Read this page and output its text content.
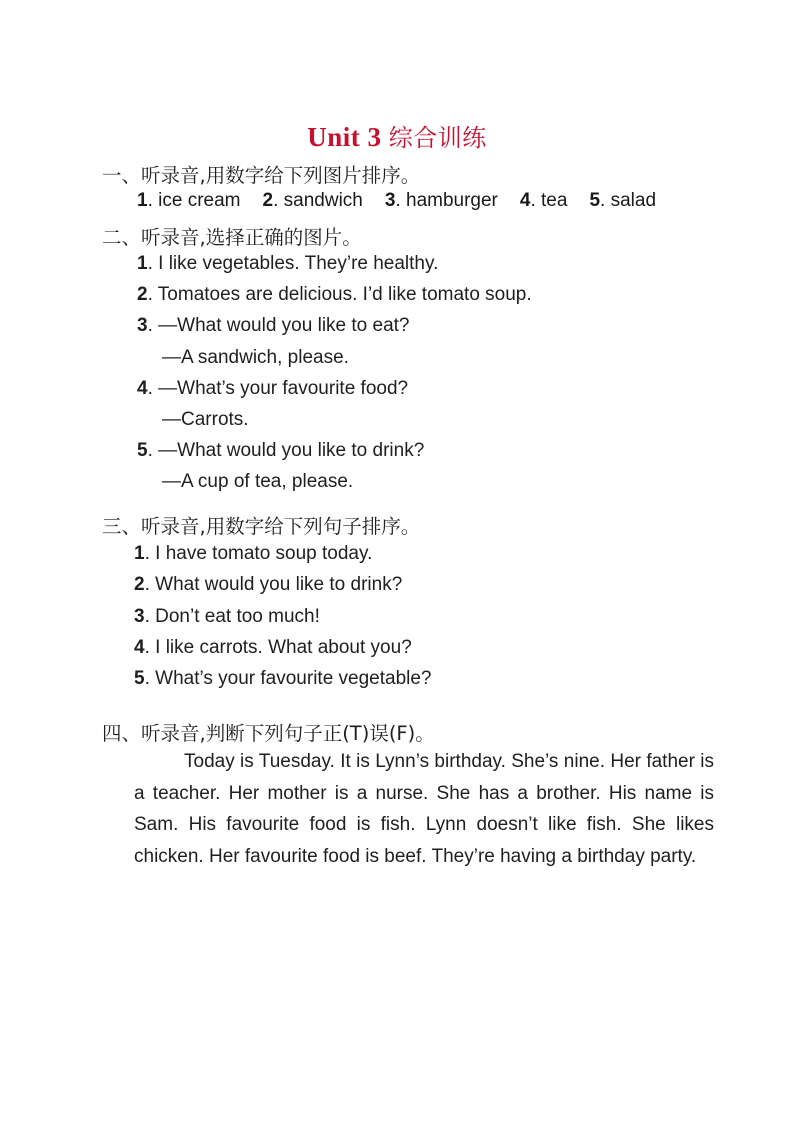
Unit 3 综合训练
一、听录音,用数字给下列图片排序。
1. ice cream 2. sandwich 3. hamburger 4. tea 5. salad
二、听录音,选择正确的图片。
1. I like vegetables. They’re healthy.
2. Tomatoes are delicious. I’d like tomato soup.
3. —What would you like to eat?
—A sandwich, please.
4. —What’s your favourite food?
—Carrots.
5. —What would you like to drink?
—A cup of tea, please.
三、听录音,用数字给下列句子排序。
1. I have tomato soup today.
2. What would you like to drink?
3. Don’t eat too much!
4. I like carrots. What about you?
5. What’s your favourite vegetable?
四、听录音,判断下列句子正(T)误(F)。
Today is Tuesday. It is Lynn’s birthday. She’s nine. Her father is a teacher. Her mother is a nurse. She has a brother. His name is Sam. His favourite food is fish. Lynn doesn’t like fish. She likes chicken. Her favourite food is beef. They’re having a birthday party.
